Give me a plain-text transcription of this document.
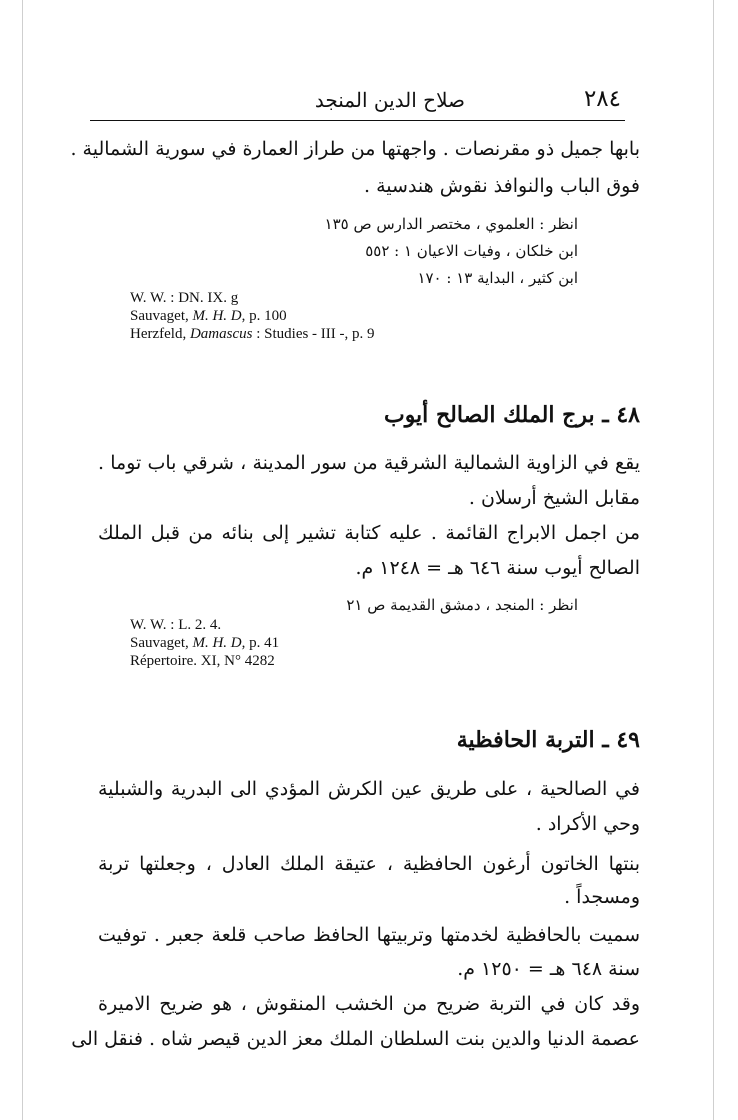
٢٨٤
صلاح الدين المنجد
بابها جميل ذو مقرنصات . واجهتها من طراز العمارة في سورية الشمالية .
فوق الباب والنوافذ نقوش هندسية .
انظر : العلموي ، مختصر الدارس ص ١٣٥
ابن خلكان ، وفيات الاعيان ١ : ٥٥٢
ابن كثير ، البداية ١٣ : ١٧٠
W. W. : DN. IX. g
Sauvaget, M. H. D, p. 100
Herzfeld, Damascus : Studies - III -, p. 9
٤٨ ـ برج الملك الصالح أيوب
يقع في الزاوية الشمالية الشرقية من سور المدينة ، شرقي باب توما .
مقابل الشيخ أرسلان .
من اجمل الابراج القائمة . عليه كتابة تشير إلى بنائه من قبل الملك
الصالح أيوب سنة ٦٤٦ هـ = ١٢٤٨ م.
انظر : المنجد ، دمشق القديمة ص ٢١
W. W. : L. 2. 4.
Sauvaget, M. H. D, p. 41
Répertoire. XI, N° 4282
٤٩ ـ التربة الحافظية
في الصالحية ، على طريق عين الكرش المؤدي الى البدرية والشبلية
وحي الأكراد .
بنتها الخاتون أرغون الحافظية ، عتيقة الملك العادل ، وجعلتها تربة
ومسجداً .
سميت بالحافظية لخدمتها وتربيتها الحافظ صاحب قلعة جعبر . توفيت
سنة ٦٤٨ هـ = ١٢٥٠ م.
وقد كان في التربة ضريح من الخشب المنقوش ، هو ضريح الاميرة
عصمة الدنيا والدين بنت السلطان الملك معز الدين قيصر شاه . فنقل الى
